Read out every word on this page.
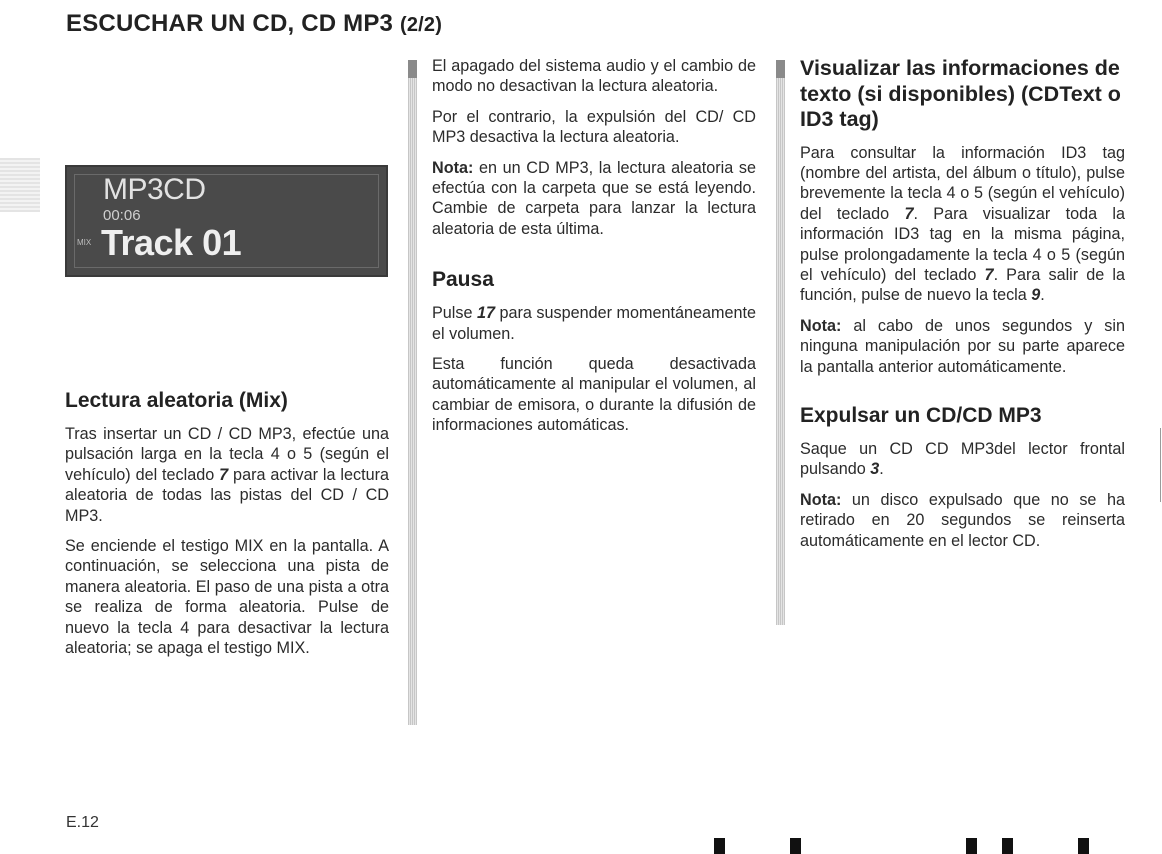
ESCUCHAR UN CD, CD MP3 (2/2)
MP3CD
00:06
MIX Track 01
Lectura aleatoria (Mix)

Tras insertar un CD / CD MP3, efectúe una pulsación larga en la tecla 4 o 5 (según el vehículo) del teclado 7 para activar la lectura aleatoria de todas las pistas del CD / CD MP3.

Se enciende el testigo MIX en la pantalla. A continuación, se selecciona una pista de manera aleatoria. El paso de una pista a otra se realiza de forma aleatoria. Pulse de nuevo la tecla 4 para desactivar la lectura aleatoria; se apaga el testigo MIX.

El apagado del sistema audio y el cambio de modo no desactivan la lectura aleatoria.

Por el contrario, la expulsión del CD/ CD MP3 desactiva la lectura aleatoria.

Nota: en un CD MP3, la lectura aleatoria se efectúa con la carpeta que se está leyendo. Cambie de carpeta para lanzar la lectura aleatoria de esta última.

Pausa

Pulse 17 para suspender momentáneamente el volumen.

Esta función queda desactivada automáticamente al manipular el volumen, al cambiar de emisora, o durante la difusión de informaciones automáticas.

Visualizar las informaciones de texto (si disponibles) (CDText o ID3 tag)

Para consultar la información ID3 tag (nombre del artista, del álbum o título), pulse brevemente la tecla 4 o 5 (según el vehículo) del teclado 7. Para visualizar toda la información ID3 tag en la misma página, pulse prolongadamente la tecla 4 o 5 (según el vehículo) del teclado 7. Para salir de la función, pulse de nuevo la tecla 9.

Nota: al cabo de unos segundos y sin ninguna manipulación por su parte aparece la pantalla anterior automáticamente.

Expulsar un CD/CD MP3

Saque un CD CD MP3del lector frontal pulsando 3.

Nota: un disco expulsado que no se ha retirado en 20 segundos se reinserta automáticamente en el lector CD.

E.12
